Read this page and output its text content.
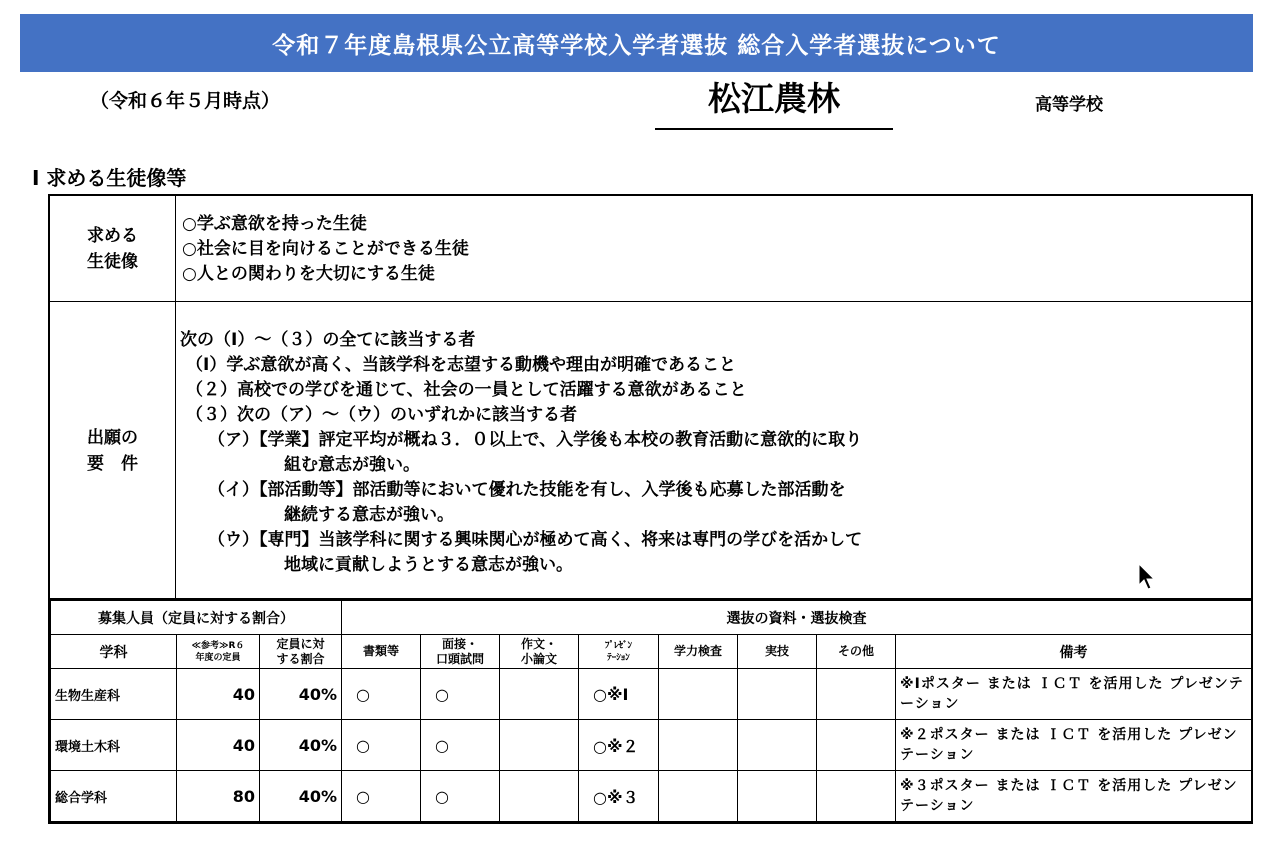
令和７年度島根県公立高等学校入学者選抜 総合入学者選抜について
（令和６年５月時点）	松江農林	高等学校
Ⅰ 求める生徒像等
求める
生徒像
○学ぶ意欲を持った生徒
○社会に目を向けることができる生徒
○人との関わりを大切にする生徒
出願の
要　件
次の（Ⅰ）～（３）の全てに該当する者
（Ⅰ）学ぶ意欲が高く、当該学科を志望する動機や理由が明確であること
（２）高校での学びを通じて、社会の一員として活躍する意欲があること
（３）次の（ア）～（ウ）のいずれかに該当する者
（ア）【学業】評定平均が概ね３．０以上で、入学後も本校の教育活動に意欲的に取り
組む意志が強い。
（イ）【部活動等】部活動等において優れた技能を有し、入学後も応募した部活動を
継続する意志が強い。
（ウ）【専門】当該学科に関する興味関心が極めて高く、将来は専門の学びを活かして
地域に貢献しようとする意志が強い。
募集人員（定員に対する割合）			選抜の資料・選抜検査							
学科	≪参考≫R６
年度の定員	定員に対
する割合	書類等	面接・
口頭試問	作文・
小論文	ﾌﾟﾚｾﾞﾝ
ﾃｰｼｮﾝ	学力検査	実技	その他	備考
生物生産科	40	40%	○	○		○※Ⅰ				※Ⅰポスター または ＩＣＴ を活用した プレゼンテーション
環境土木科	40	40%	○	○		○※２				※２ポスター または ＩＣＴ を活用した プレゼンテーション
総合学科	80	40%	○	○		○※３				※３ポスター または ＩＣＴ を活用した プレゼンテーション
